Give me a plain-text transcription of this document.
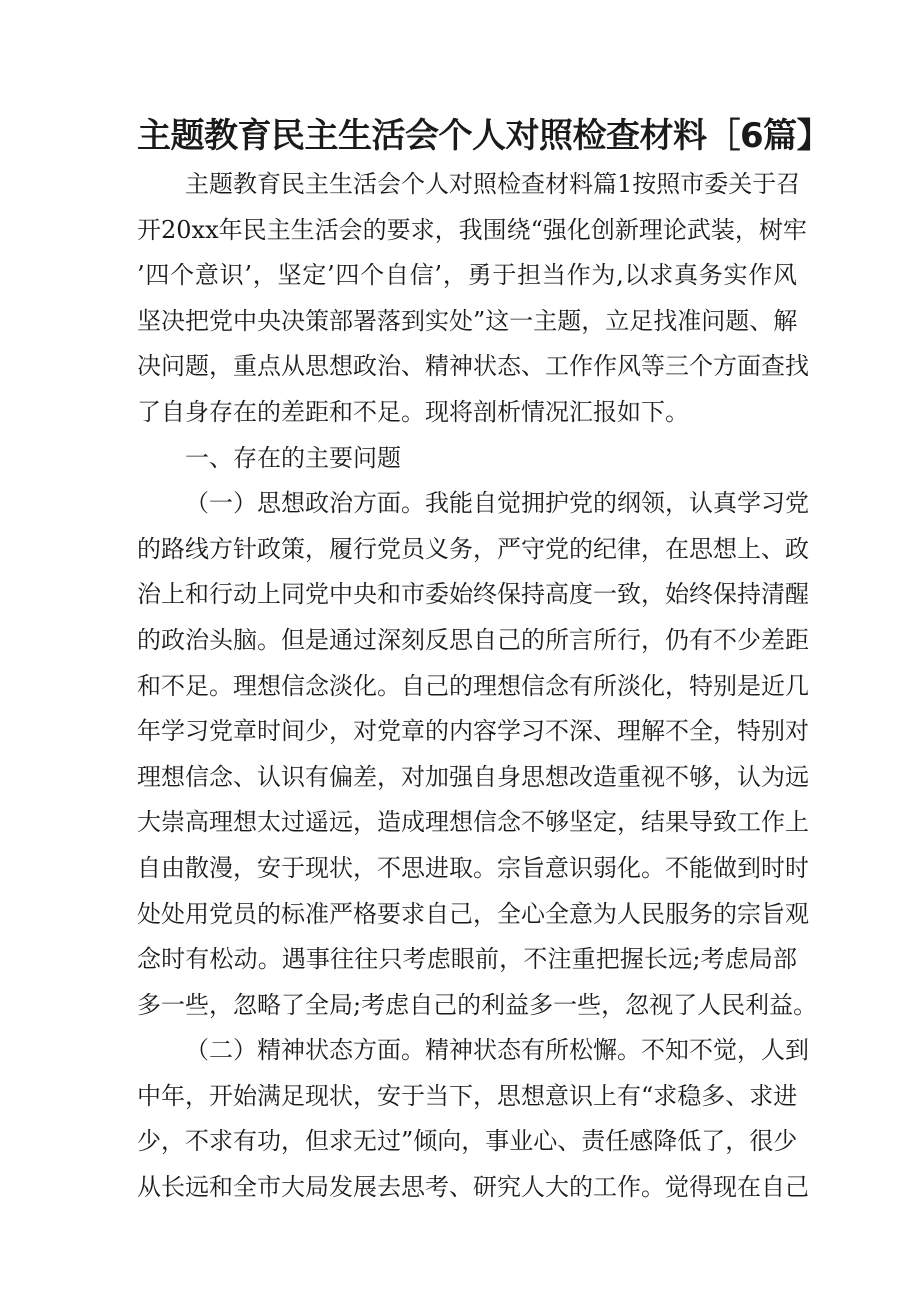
主题教育民主生活会个人对照检查材料［6篇】
主题教育民主生活会个人对照检查材料篇1按照市委关于召
开20xx年民主生活会的要求，我围绕“强化创新理论武装，树牢
’四个意识’，坚定’四个自信’，勇于担当作为,以求真务实作风
坚决把党中央决策部署落到实处”这一主题，立足找准问题、解
决问题，重点从思想政治、精神状态、工作作风等三个方面查找
了自身存在的差距和不足。现将剖析情况汇报如下。
一、存在的主要问题
（一）思想政治方面。我能自觉拥护党的纲领，认真学习党
的路线方针政策，履行党员义务，严守党的纪律，在思想上、政
治上和行动上同党中央和市委始终保持高度一致，始终保持清醒
的政治头脑。但是通过深刻反思自己的所言所行，仍有不少差距
和不足。理想信念淡化。自己的理想信念有所淡化，特别是近几
年学习党章时间少，对党章的内容学习不深、理解不全，特别对
理想信念、认识有偏差，对加强自身思想改造重视不够，认为远
大崇高理想太过遥远，造成理想信念不够坚定，结果导致工作上
自由散漫，安于现状，不思进取。宗旨意识弱化。不能做到时时
处处用党员的标准严格要求自己，全心全意为人民服务的宗旨观
念时有松动。遇事往往只考虑眼前，不注重把握长远;考虑局部
多一些，忽略了全局;考虑自己的利益多一些，忽视了人民利益。
（二）精神状态方面。精神状态有所松懈。不知不觉，人到
中年，开始满足现状，安于当下，思想意识上有“求稳多、求进
少，不求有功，但求无过”倾向，事业心、责任感降低了，很少
从长远和全市大局发展去思考、研究人大的工作。觉得现在自己
